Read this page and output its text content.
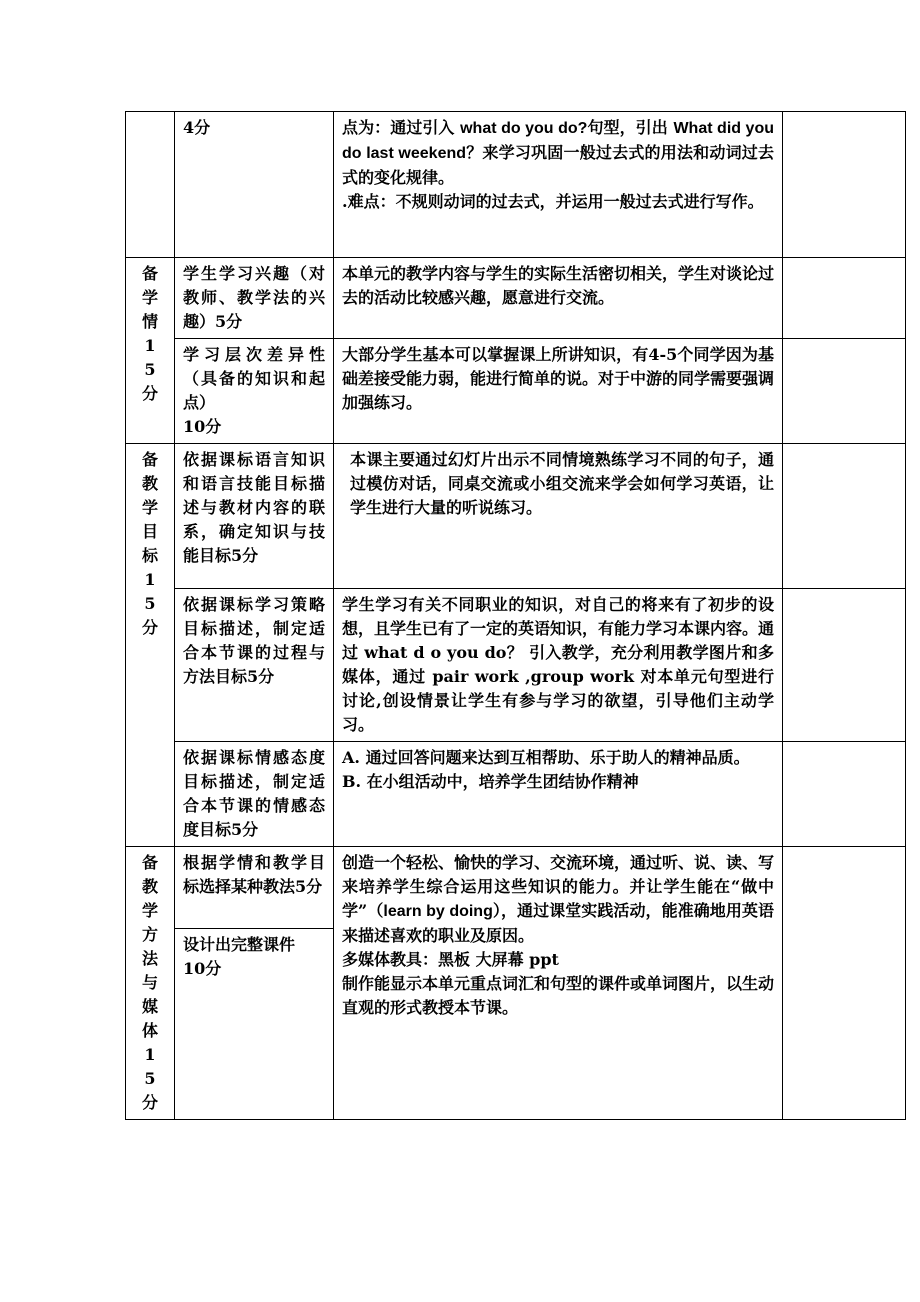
	4分	点为：通过引入 what do you do?句型，引出 What did you do last weekend？来学习巩固一般过去式的用法和动词过去式的变化规律。
.难点：不规则动词的过去式，并运用一般过去式进行写作。	

备学情15分	学生学习兴趣（对教师、教学法的兴趣）5分	本单元的教学内容与学生的实际生活密切相关，学生对谈论过去的活动比较感兴趣，愿意进行交流。	

	学习层次差异性（具备的知识和起点）
10分	大部分学生基本可以掌握课上所讲知识，有4-5个同学因为基础差接受能力弱，能进行简单的说。对于中游的同学需要强调加强练习。	
备教学目标15分	依据课标语言知识和语言技能目标描述与教材内容的联系，确定知识与技能目标5分	本课主要通过幻灯片出示不同情境熟练学习不同的句子，通过模仿对话，同桌交流或小组交流来学会如何学习英语，让学生进行大量的听说练习。	
	依据课标学习策略目标描述，制定适合本节课的过程与方法目标5分	学生学习有关不同职业的知识，对自己的将来有了初步的设想，且学生已有了一定的英语知识，有能力学习本课内容。通过 what d o you do？ 引入教学，充分利用教学图片和多媒体，通过 pair work ,group work 对本单元句型进行讨论,创设情景让学生有参与学习的欲望，引导他们主动学习。	
	依据课标情感态度目标描述，制定适合本节课的情感态度目标5分	A. 通过回答问题来达到互相帮助、乐于助人的精神品质。
B. 在小组活动中，培养学生团结协作精神	

备教学方法与媒体15分	根据学情和教学目标选择某种教法5分	创造一个轻松、愉快的学习、交流环境，通过听、说、读、写来培养学生综合运用这些知识的能力。并让学生能在“做中学”（learn by doing），通过课堂实践活动，能准确地用英语来描述喜欢的职业及原因。
多媒体教具：黑板 大屏幕 ppt
制作能显示本单元重点词汇和句型的课件或单词图片，以生动直观的形式教授本节课。	

	设计出完整课件
10分		
